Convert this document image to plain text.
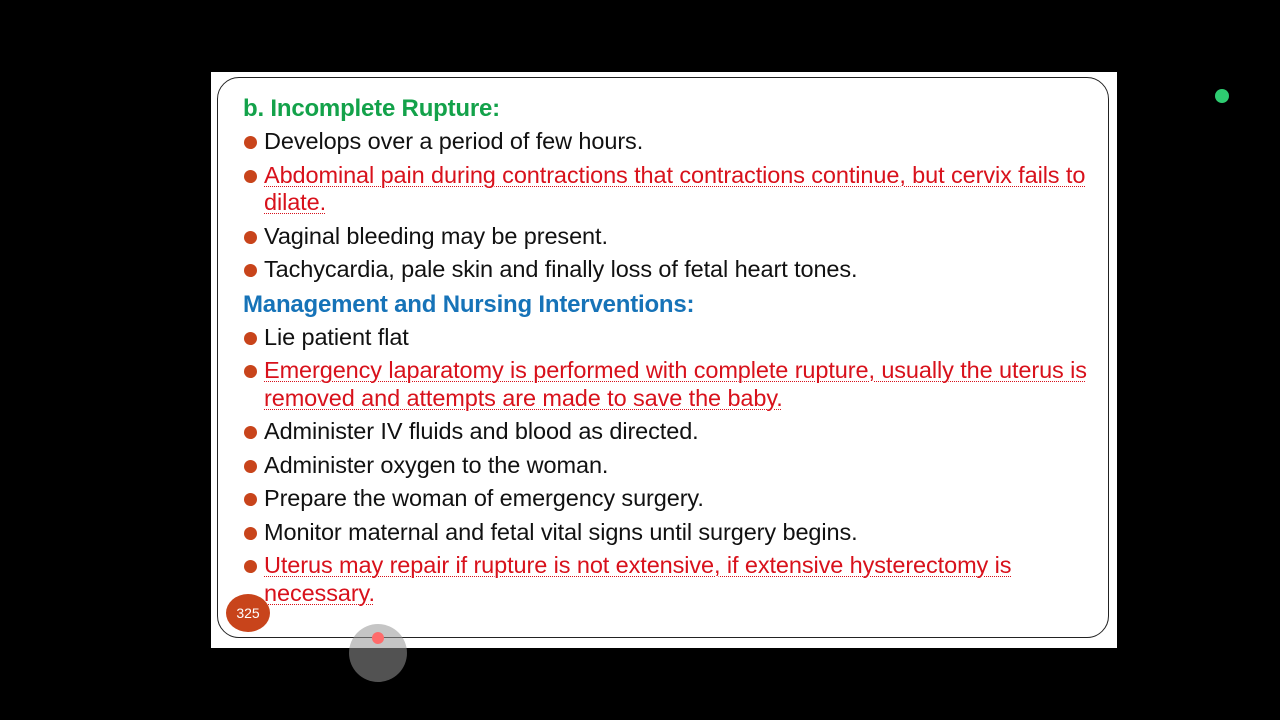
b. Incomplete Rupture:
Develops over a period of few hours.
Abdominal pain during contractions that contractions continue, but cervix fails to dilate.
Vaginal bleeding may be present.
Tachycardia, pale skin and finally loss of fetal heart tones.
Management and Nursing Interventions:
Lie patient flat
Emergency laparatomy is performed with complete rupture, usually the uterus is removed and attempts are made to save the baby.
Administer IV fluids and blood as directed.
Administer oxygen to the woman.
Prepare the woman of emergency surgery.
Monitor maternal and fetal vital signs until surgery begins.
Uterus may repair if rupture is not extensive, if extensive hysterectomy is necessary.
325
